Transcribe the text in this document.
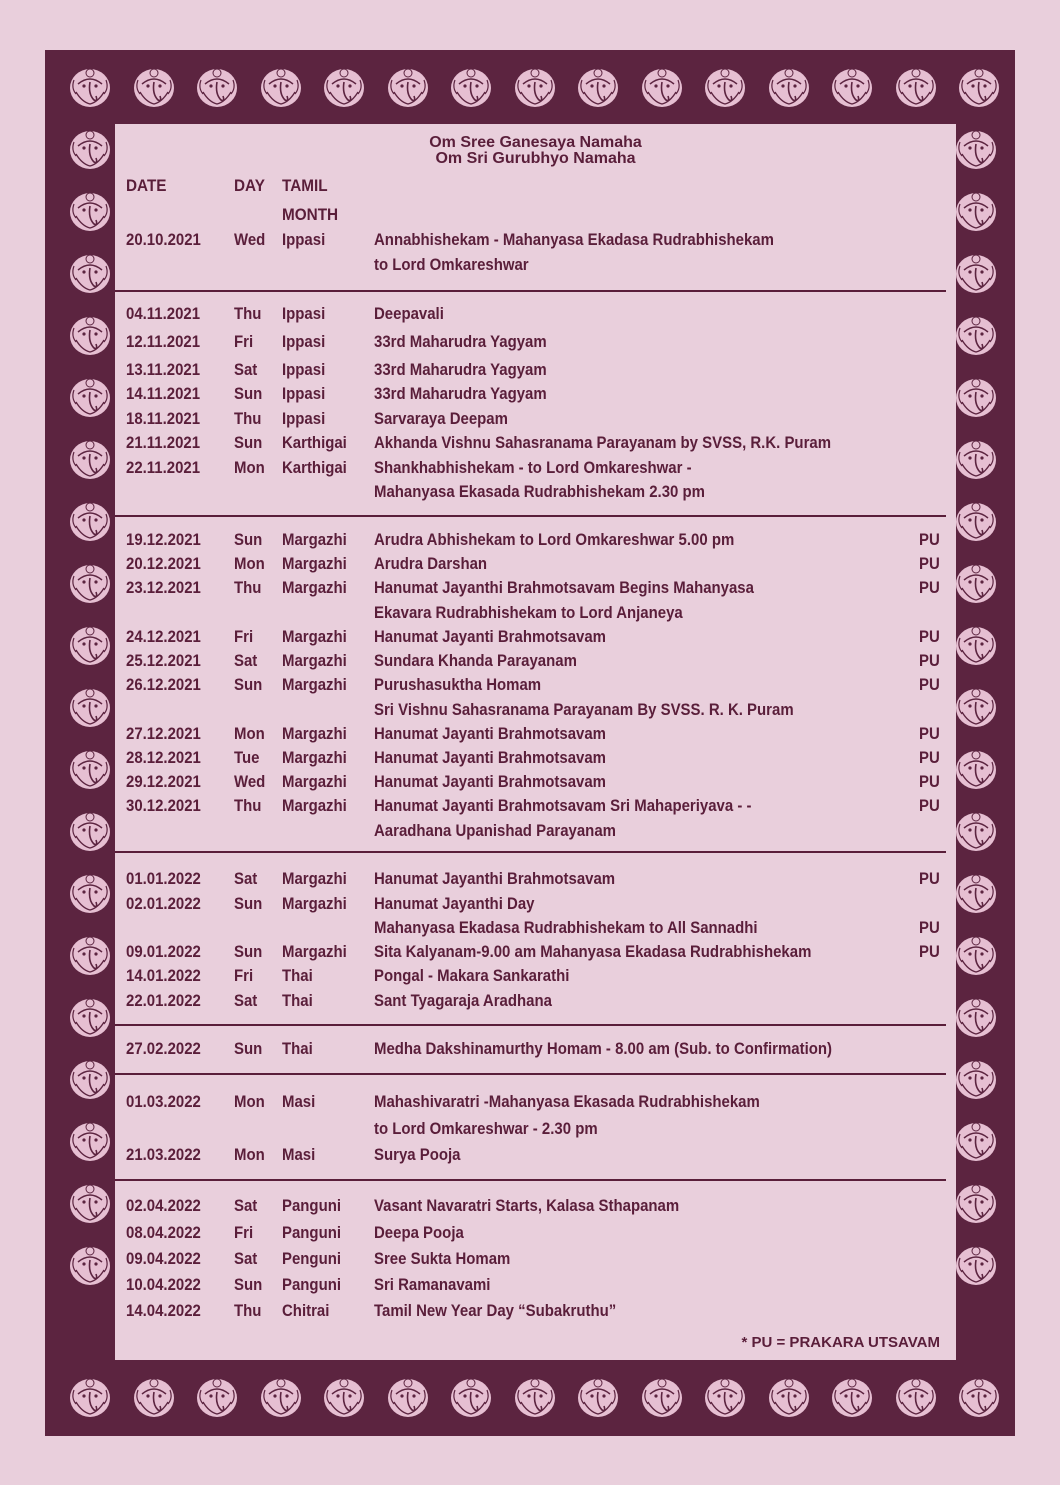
Om Sree Ganesaya Namaha
Om Sri Gurubhyo Namaha
DATE	DAY TAMIL
MONTH
20.10.2021 Wed Ippasi	Annabhishekam - Mahanyasa Ekadasa Rudrabhishekam
to Lord Omkareshwar
04.11.2021 Thu Ippasi	Deepavali
12.11.2021 Fri Ippasi	33rd Maharudra Yagyam
13.11.2021 Sat Ippasi	33rd Maharudra Yagyam
14.11.2021 Sun Ippasi	33rd Maharudra Yagyam
18.11.2021 Thu Ippasi	Sarvaraya Deepam
21.11.2021 Sun Karthigai Akhanda Vishnu Sahasranama Parayanam by SVSS, R.K. Puram
22.11.2021 Mon Karthigai Shankhabhishekam - to Lord Omkareshwar -
Mahanyasa Ekasada Rudrabhishekam 2.30 pm
19.12.2021 Sun Margazhi Arudra Abhishekam to Lord Omkareshwar 5.00 pm	PU
20.12.2021 Mon Margazhi Arudra Darshan	PU
23.12.2021 Thu Margazhi Hanumat Jayanthi Brahmotsavam Begins Mahanyasa	PU
Ekavara Rudrabhishekam to Lord Anjaneya
24.12.2021 Fri Margazhi Hanumat Jayanti Brahmotsavam	PU
25.12.2021 Sat Margazhi Sundara Khanda Parayanam	PU
26.12.2021 Sun Margazhi Purushasuktha Homam	PU
Sri Vishnu Sahasranama Parayanam By SVSS. R. K. Puram
27.12.2021 Mon Margazhi Hanumat Jayanti Brahmotsavam	PU
28.12.2021 Tue Margazhi Hanumat Jayanti Brahmotsavam	PU
29.12.2021 Wed Margazhi Hanumat Jayanti Brahmotsavam	PU
30.12.2021 Thu Margazhi Hanumat Jayanti Brahmotsavam Sri Mahaperiyava - -	PU
Aaradhana Upanishad Parayanam
01.01.2022 Sat Margazhi Hanumat Jayanthi Brahmotsavam	PU
02.01.2022 Sun Margazhi Hanumat Jayanthi Day
Mahanyasa Ekadasa Rudrabhishekam to All Sannadhi	PU
09.01.2022 Sun Margazhi Sita Kalyanam-9.00 am Mahanyasa Ekadasa Rudrabhishekam	PU
14.01.2022 Fri Thai	Pongal - Makara Sankarathi
22.01.2022 Sat Thai	Sant Tyagaraja Aradhana
27.02.2022 Sun Thai	Medha Dakshinamurthy Homam - 8.00 am (Sub. to Confirmation)
01.03.2022 Mon Masi	Mahashivaratri -Mahanyasa Ekasada Rudrabhishekam
to Lord Omkareshwar - 2.30 pm
21.03.2022 Mon Masi	Surya Pooja
02.04.2022 Sat Panguni Vasant Navaratri Starts, Kalasa Sthapanam
08.04.2022 Fri Panguni Deepa Pooja
09.04.2022 Sat Penguni Sree Sukta Homam
10.04.2022 Sun Panguni Sri Ramanavami
14.04.2022 Thu Chitrai	Tamil New Year Day “Subakruthu”
* PU = PRAKARA UTSAVAM
